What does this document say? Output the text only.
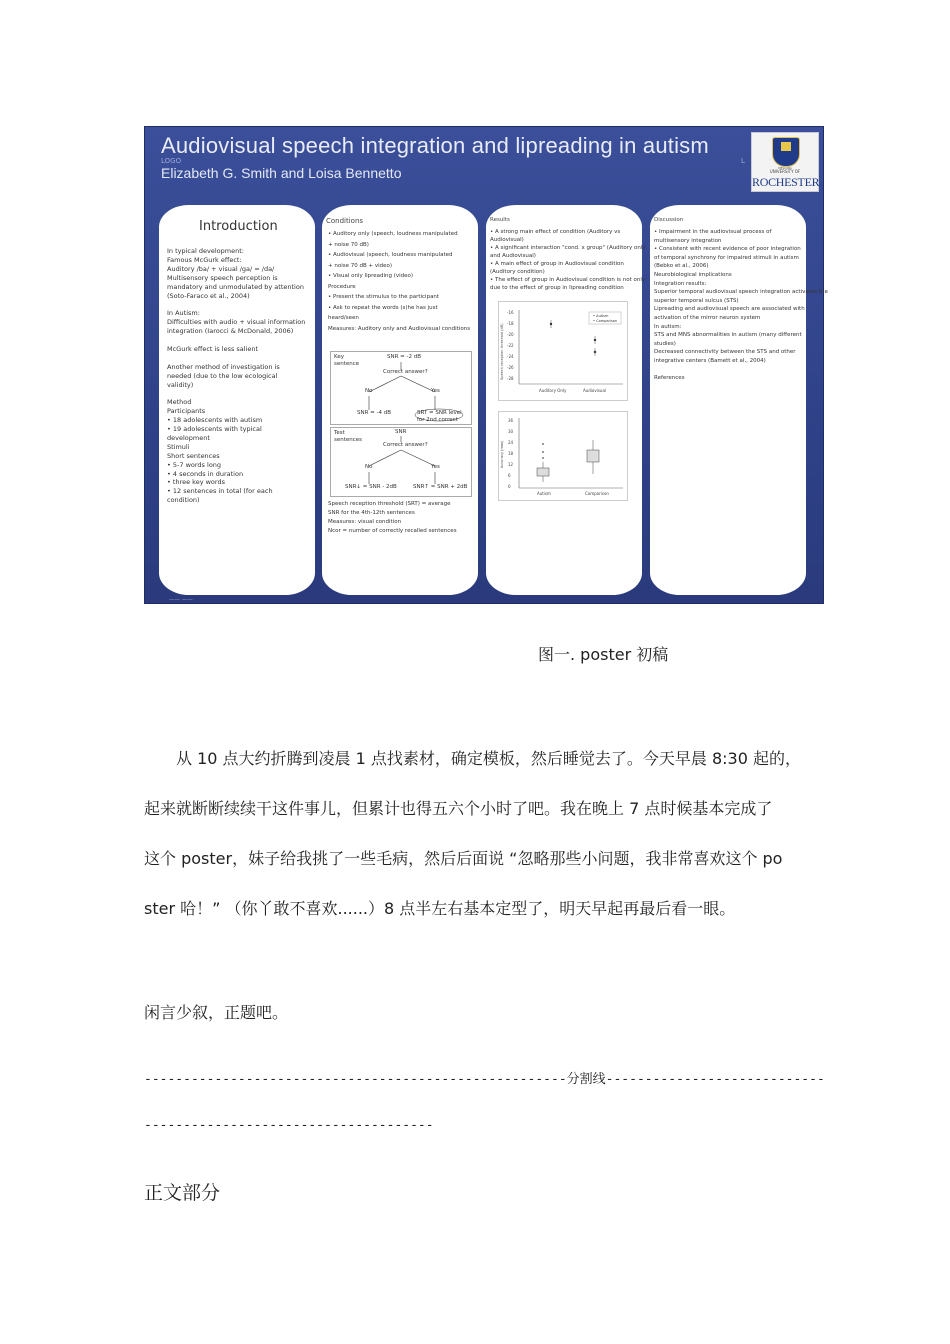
Audiovisual speech integration and lipreading in autism
LOGO	L
Elizabeth G. Smith and Loisa Bennetto	MELIORA
UNIVERSITY OF
ROCHESTER
Introduction
In typical development:
Famous McGurk effect:
Auditory /ba/ + visual /ga/ = /da/
Multisensory speech perception is
mandatory and unmodulated by attention
(Soto-Faraco et al., 2004)
In Autism:
Difficulties with audio + visual information
integration (Iarocci & McDonald, 2006)
McGurk effect is less salient
Another method of investigation is
needed (due to the low ecological
validity)
Method
Participants
• 18 adolescents with autism
• 19 adolescents with typical
development
Stimuli
Short sentences
• 5-7 words long
• 4 seconds in duration
• three key words
• 12 sentences in total (for each
condition)
Conditions
• Auditory only (speech, loudness manipulated
+ noise 70 dB)
• Audiovisual (speech, loudness manipulated
+ noise 70 dB + video)
• Visual only lipreading (video)
Procedure
• Present the stimulus to the participant
• Ask to repeat the words (s)he has just
heard/seen
Measures: Auditory only and Audiovisual conditions
Key sentence
SNR = -2 dB
Correct answer?
No	Yes
SNR = -4 dB	SRT = SNR level for 2nd correct
Test sentences
SNR
Correct answer?
No	Yes
SNR↓ = SNR - 2dB	SNR↑ = SNR + 2dB
Speech reception threshold (SRT) = average
SNR for the 4th-12th sentences
Measures: visual condition
Ncor = number of correctly recalled sentences
Results
• A strong main effect of condition (Auditory vs
Audiovisual)
• A significant interaction "cond. x group" (Auditory only
and Audiovisual)
• A main effect of group in Audiovisual condition
(Auditory condition)
• The effect of group in Audiovisual condition is not only
due to the effect of group in lipreading condition
-16
-18
-20
-22
-24
-26
-28
Auditory Only	Audiovisual
Speech reception threshold (dB)
• Autism
• Comparison
36
30
24
18
12
6
0
Autism	Comparison
Accuracy (max)
Discussion
• Impairment in the audiovisual process of
multisensory integration
• Consistent with recent evidence of poor integration
of temporal synchrony for impaired stimuli in autism
(Bebko et al., 2006)
Neurobiological implications
Integration results:
Superior temporal audiovisual speech integration activates the
superior temporal sulcus (STS)
Lipreading and audiovisual speech are associated with
activation of the mirror neuron system
In autism:
STS and MNS abnormalities in autism (many different
studies)
Decreased connectivity between the STS and other
integrative centers (Bamett et al., 2004)
References
—— ——
图一. poster 初稿
从 10 点大约折腾到凌晨 1 点找素材，确定模板，然后睡觉去了。今天早晨 8:30 起的，
起来就断断续续干这件事儿，但累计也得五六个小时了吧。我在晚上 7 点时候基本完成了
这个 poster，妹子给我挑了一些毛病，然后后面说 “忽略那些小问题，我非常喜欢这个 po
ster 哈！” （你丫敢不喜欢......）8 点半左右基本定型了，明天早起再最后看一眼。
闲言少叙，正题吧。
------------------------------------------------------分割线----------------------------
-------------------------------------
正文部分
